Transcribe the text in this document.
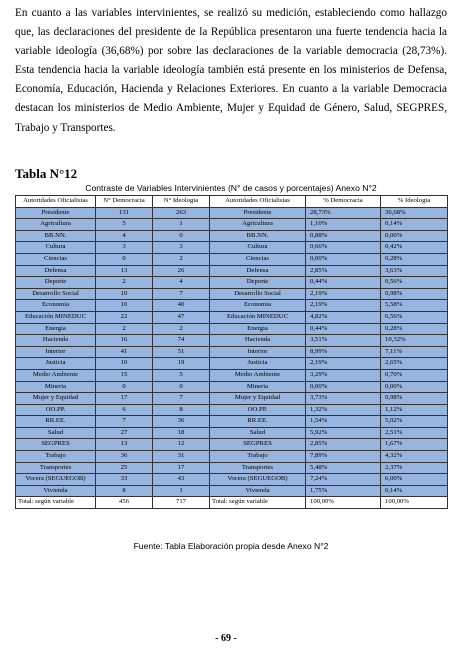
En cuanto a las variables intervinientes, se realizó su medición, estableciendo como hallazgo que, las declaraciones del presidente de la República presentaron una fuerte tendencia hacia la variable ideología (36,68%) por sobre las declaraciones de la variable democracia (28,73%). Esta tendencia hacia la variable ideología también está presente en los ministerios de Defensa, Economía, Educación, Hacienda y Relaciones Exteriores. En cuanto a la variable Democracia destacan los ministerios de Medio Ambiente, Mujer y Equidad de Género, Salud, SEGPRES, Trabajo y Transportes.

Tabla N°12

Contraste de Variables Intervinientes (N° de casos y porcentajes) Anexo N°2

Autoridades Oficialistas	N° Democracia	N° Ideologia	Autoridades Oficialistas	% Democracia	% Ideologia
Presidente	131	263	Presidente	28,73%	36,68%
Agricultura	5	1	Agricultura	1,10%	0,14%
BB.NN.	4	0	BB.NN.	0,88%	0,00%
Cultura	3	3	Cultura	0,66%	0,42%
Ciencias	0	2	Ciencias	0,00%	0,28%
Defensa	13	26	Defensa	2,85%	3,63%
Deporte	2	4	Deporte	0,44%	0,56%
Desarrollo Social	10	7	Desarrollo Social	2,19%	0,98%
Economia	10	40	Economia	2,19%	5,58%
Educación MINEDUC	22	47	Educación MINEDUC	4,82%	6,56%
Energia	2	2	Energia	0,44%	0,28%
Hacienda	16	74	Hacienda	3,51%	10,32%
Interior	41	51	Interior	8,99%	7,11%
Justicia	10	19	Justicia	2,19%	2,65%
Medio Ambiente	15	5	Medio Ambiente	3,29%	0,70%
Mineria	0	0	Mineria	0,00%	0,00%
Mujer y Equidad	17	7	Mujer y Equidad	3,73%	0,98%
OO.PP.	6	8	OO.PP.	1,32%	1,12%
RR.EE.	7	36	RR.EE.	1,54%	5,02%
Salud	27	18	Salud	5,92%	2,51%
SEGPRES	13	12	SEGPRES	2,85%	1,67%
Trabajo	36	31	Trabajo	7,89%	4,32%
Transportes	25	17	Transportes	5,48%	2,37%
Vocera (SEGUEGOB)	33	43	Vocera (SEGUEGOB)	7,24%	6,00%
Vivienda	8	1	Vivienda	1,75%	0,14%
Total: según variable	456	717	Total: según variable	100,00%	100,00%

Fuente: Tabla Elaboración propia desde Anexo N°2

- 69 -
